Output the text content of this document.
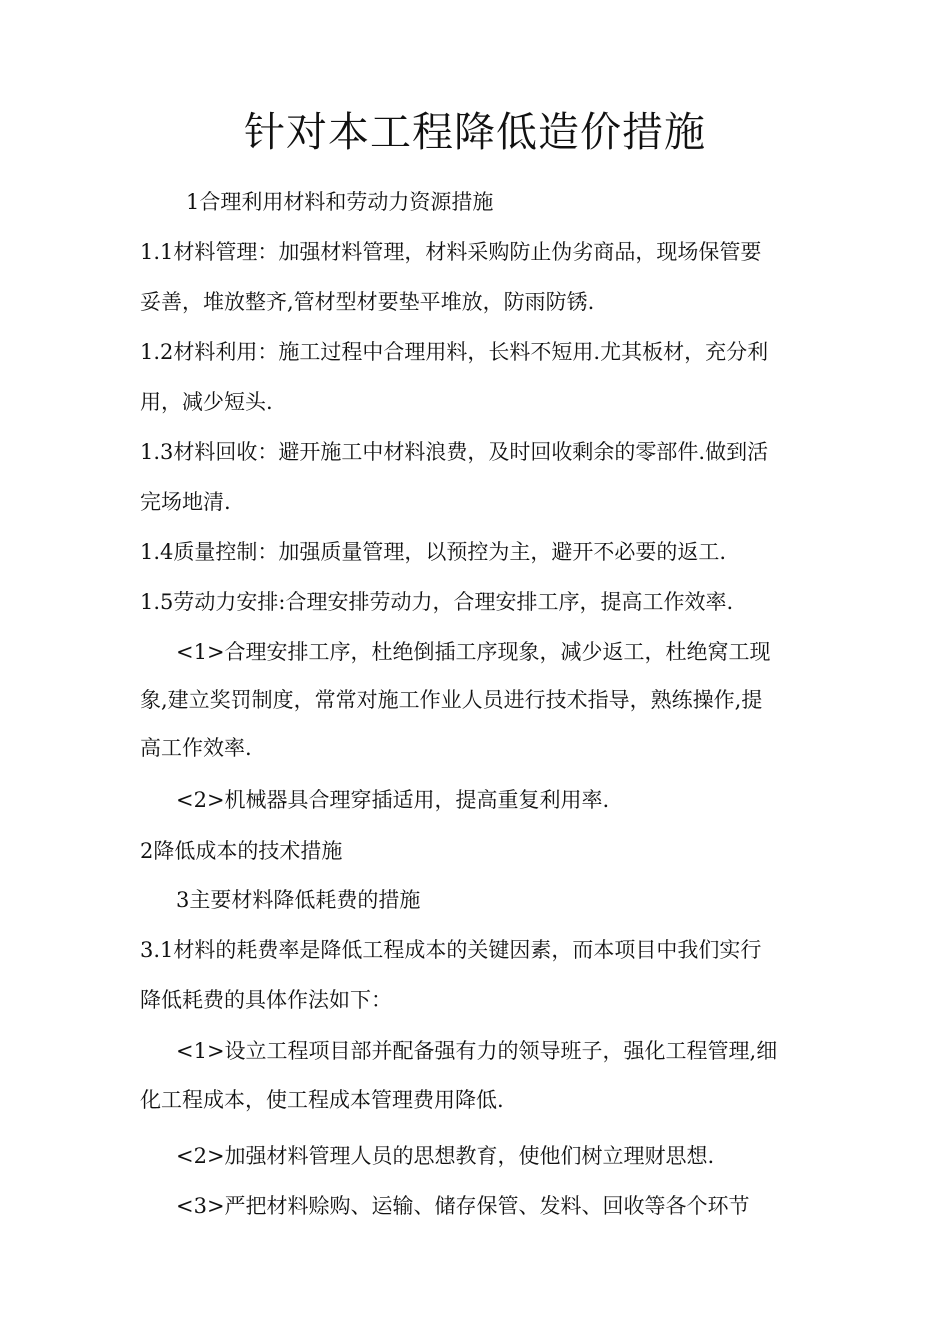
针对本工程降低造价措施

1合理利用材料和劳动力资源措施

1.1材料管理：加强材料管理，材料采购防止伪劣商品，现场保管要

妥善，堆放整齐,管材型材要垫平堆放，防雨防锈.

1.2材料利用：施工过程中合理用料，长料不短用.尤其板材，充分利

用，减少短头.

1.3材料回收：避开施工中材料浪费，及时回收剩余的零部件.做到活

完场地清.

1.4质量控制：加强质量管理，以预控为主，避开不必要的返工.

1.5劳动力安排:合理安排劳动力，合理安排工序，提高工作效率.

<1>合理安排工序，杜绝倒插工序现象，减少返工，杜绝窝工现

象,建立奖罚制度，常常对施工作业人员进行技术指导，熟练操作,提

高工作效率.

<2>机械器具合理穿插适用，提高重复利用率.

2降低成本的技术措施

3主要材料降低耗费的措施

3.1材料的耗费率是降低工程成本的关键因素，而本项目中我们实行

降低耗费的具体作法如下：

<1>设立工程项目部并配备强有力的领导班子，强化工程管理,细

化工程成本，使工程成本管理费用降低.

<2>加强材料管理人员的思想教育，使他们树立理财思想.

<3>严把材料赊购、运输、储存保管、发料、回收等各个环节
